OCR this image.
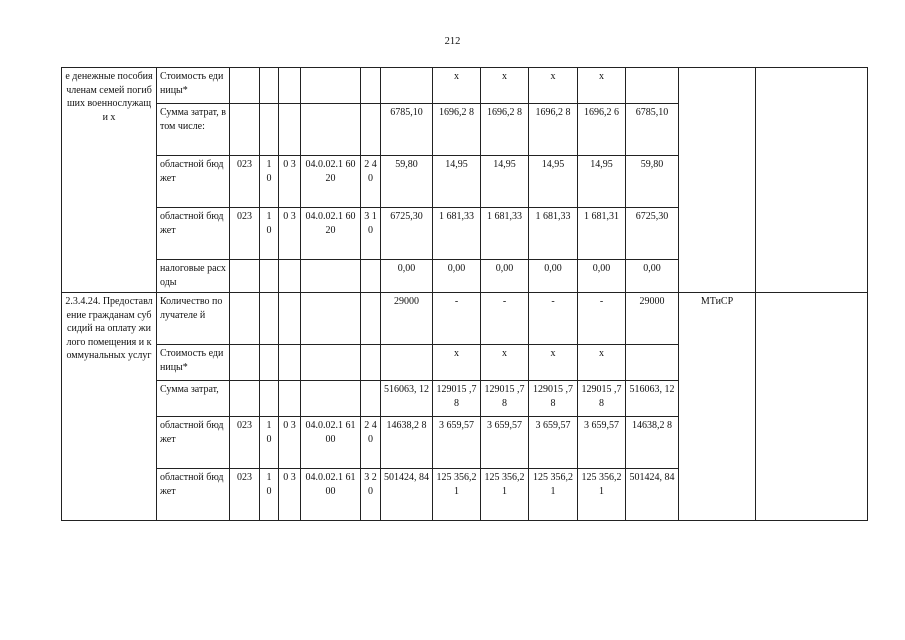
212
е денежные пособия членам семей погибших военнослужащи х	Стоимость единицы*							х	х	х	х			
	Сумма затрат, в том числе:						6785,10	1696,2 8	1696,2 8	1696,2 8	1696,2 6	6785,10		
	областной бюджет	023	1 0	0 3	04.0.02.1 6020	2 4 0	59,80	14,95	14,95	14,95	14,95	59,80		
	областной бюджет	023	1 0	0 3	04.0.02.1 6020	3 1 0	6725,30	1 681,33	1 681,33	1 681,33	1 681,31	6725,30		
	налоговые расходы						0,00	0,00	0,00	0,00	0,00	0,00		
2.3.4.24. Предоставление гражданам субсидий на оплату жилого помещения и коммунальных услуг	Количество получателе й						29000	-	-	-	-	29000	МТиСР	
	Стоимость единицы*							х	х	х	х			
	Сумма затрат,						516063, 12	129015 ,78	129015 ,78	129015 ,78	129015 ,78	516063, 12		
	областной бюджет	023	1 0	0 3	04.0.02.1 6100	2 4 0	14638,2 8	3 659,57	3 659,57	3 659,57	3 659,57	14638,2 8		
	областной бюджет	023	1 0	0 3	04.0.02.1 6100	3 2 0	501424, 84	125 356,21	125 356,21	125 356,21	125 356,21	501424, 84		
